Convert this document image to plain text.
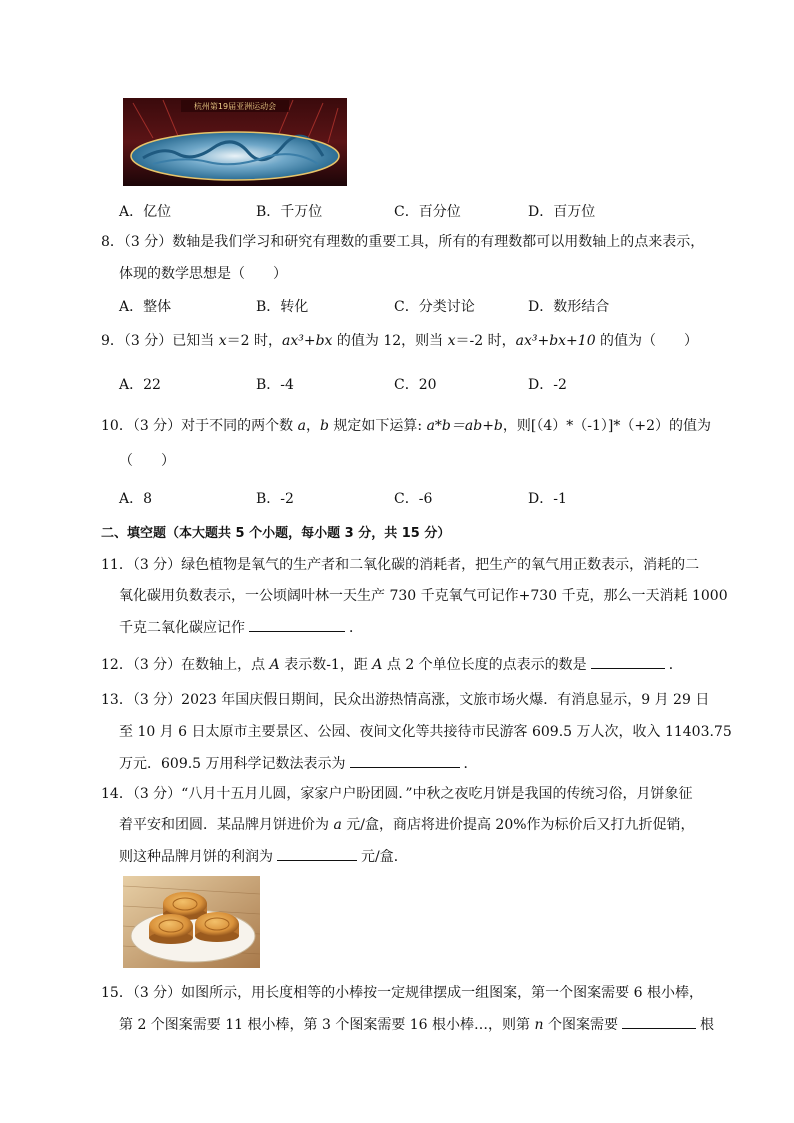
杭州第19届亚洲运动会
A．亿位	B．千万位	C．百分位	D．百万位
8．（3 分）数轴是我们学习和研究有理数的重要工具，所有的有理数都可以用数轴上的点来表示，
体现的数学思想是（　　）
A．整体	B．转化	C．分类讨论	D．数形结合
9．（3 分）已知当 x＝2 时，ax³+bx 的值为 12，则当 x＝-2 时，ax³+bx+10 的值为（　　）
A．22	B．-4	C．20	D．-2
10．（3 分）对于不同的两个数 a，b 规定如下运算: a*b＝ab+b，则[（4）*（-1）]*（+2）的值为
（　　）
A．8	B．-2	C．-6	D．-1
二、填空题（本大题共 5 个小题，每小题 3 分，共 15 分）
11．（3 分）绿色植物是氧气的生产者和二氧化碳的消耗者，把生产的氧气用正数表示，消耗的二
氧化碳用负数表示，一公顷阔叶林一天生产 730 千克氧气可记作+730 千克，那么一天消耗 1000
千克二氧化碳应记作	．
12．（3 分）在数轴上，点 A 表示数-1，距 A 点 2 个单位长度的点表示的数是	．
13．（3 分）2023 年国庆假日期间，民众出游热情高涨，文旅市场火爆．有消息显示，9 月 29 日
至 10 月 6 日太原市主要景区、公园、夜间文化等共接待市民游客 609.5 万人次，收入 11403.75
万元．609.5 万用科学记数法表示为	．
14．（3 分）“八月十五月儿圆，家家户户盼团圆．”中秋之夜吃月饼是我国的传统习俗，月饼象征
着平安和团圆．某品牌月饼进价为 a 元/盒，商店将进价提高 20%作为标价后又打九折促销，
则这种品牌月饼的利润为	元/盒．
15．（3 分）如图所示，用长度相等的小棒按一定规律摆成一组图案，第一个图案需要 6 根小棒，
第 2 个图案需要 11 根小棒，第 3 个图案需要 16 根小棒…，则第 n 个图案需要	根
